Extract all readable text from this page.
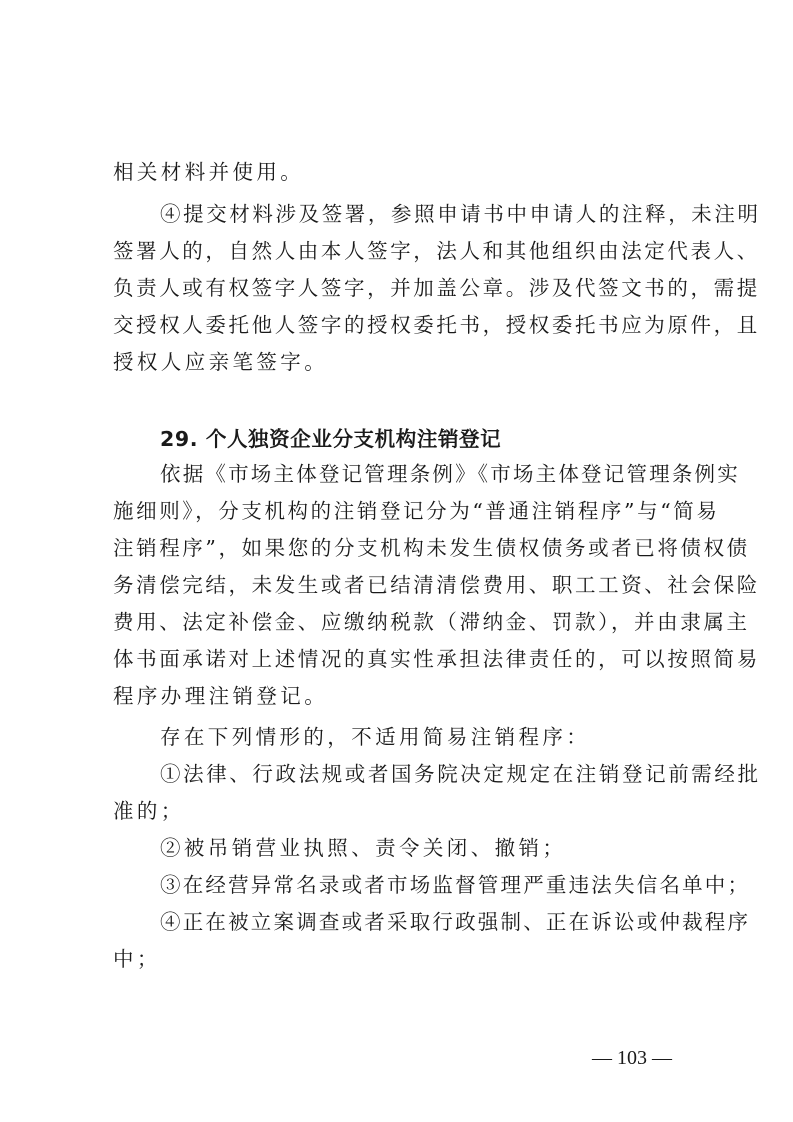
相关材料并使用。
④提交材料涉及签署，参照申请书中申请人的注释，未注明
签署人的，自然人由本人签字，法人和其他组织由法定代表人、
负责人或有权签字人签字，并加盖公章。涉及代签文书的，需提
交授权人委托他人签字的授权委托书，授权委托书应为原件，且
授权人应亲笔签字。
29. 个人独资企业分支机构注销登记
依据《市场主体登记管理条例》《市场主体登记管理条例实
施细则》，分支机构的注销登记分为“普通注销程序”与“简易
注销程序”，如果您的分支机构未发生债权债务或者已将债权债
务清偿完结，未发生或者已结清清偿费用、职工工资、社会保险
费用、法定补偿金、应缴纳税款（滞纳金、罚款），并由隶属主
体书面承诺对上述情况的真实性承担法律责任的，可以按照简易
程序办理注销登记。
存在下列情形的，不适用简易注销程序：
①法律、行政法规或者国务院决定规定在注销登记前需经批
准的；
②被吊销营业执照、责令关闭、撤销；
③在经营异常名录或者市场监督管理严重违法失信名单中；
④正在被立案调查或者采取行政强制、正在诉讼或仲裁程序
中；
— 103 —
